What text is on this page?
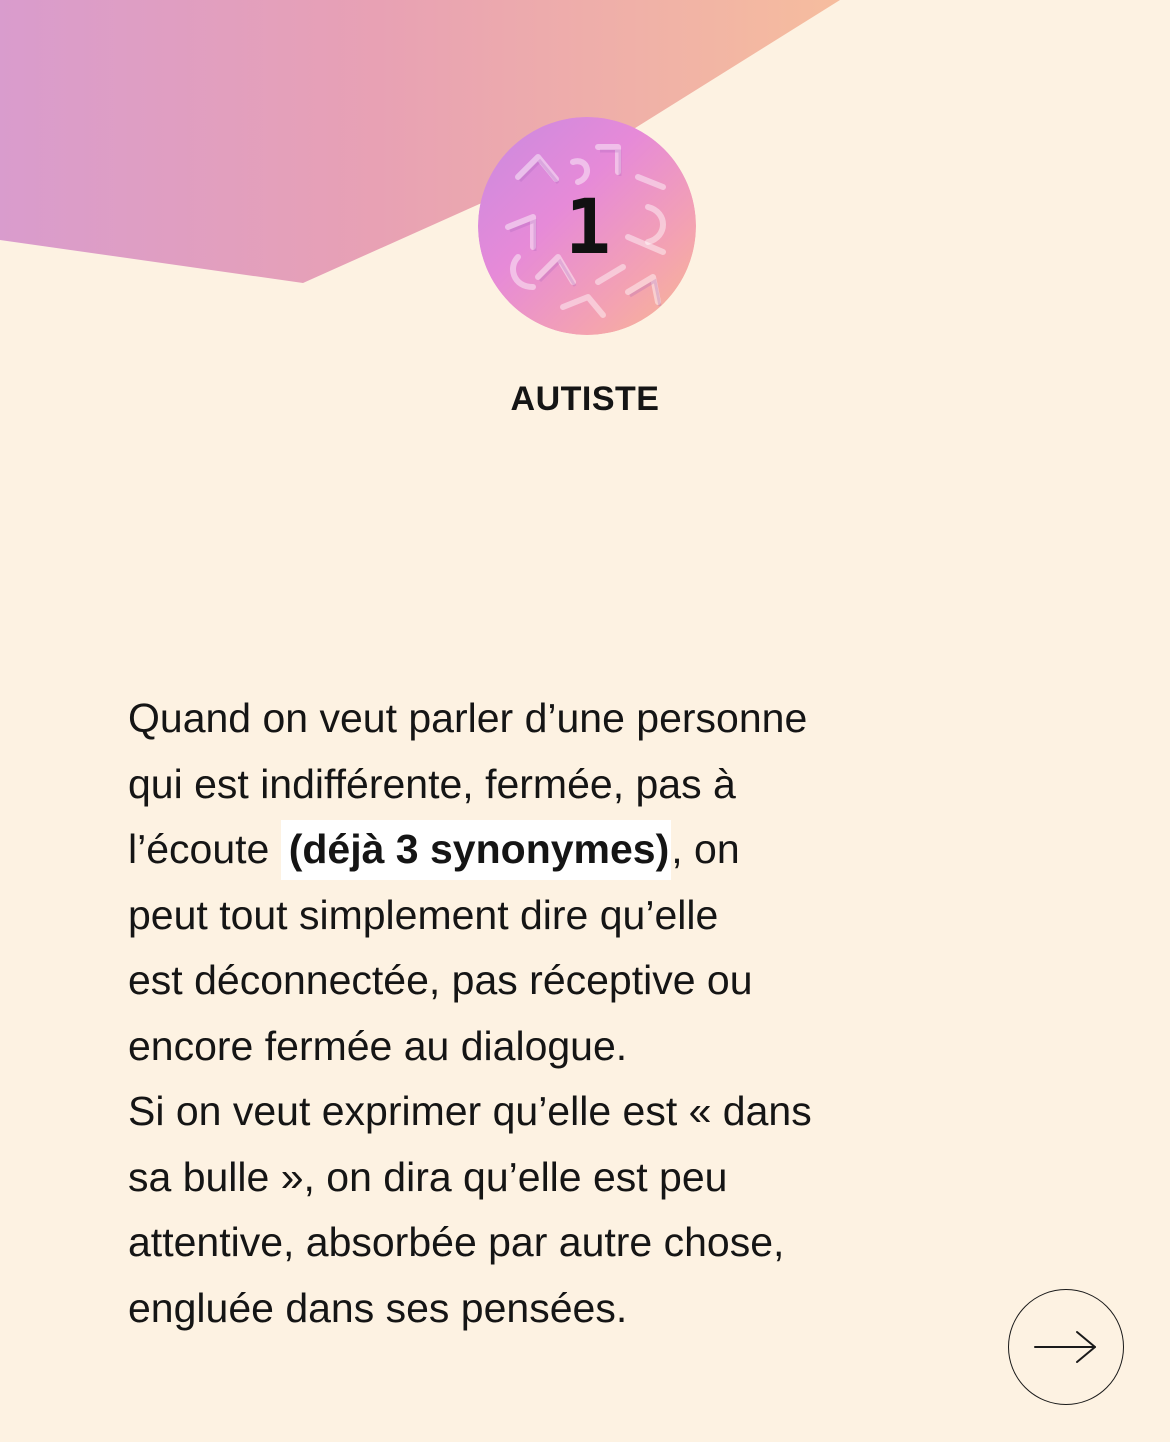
1
AUTISTE
Quand on veut parler d’une personne
qui est indifférente, fermée, pas à
l’écoute (déjà 3 synonymes), on
peut tout simplement dire qu’elle
est déconnectée, pas réceptive ou
encore fermée au dialogue.
Si on veut exprimer qu’elle est « dans
sa bulle », on dira qu’elle est peu
attentive, absorbée par autre chose,
engluée dans ses pensées.
